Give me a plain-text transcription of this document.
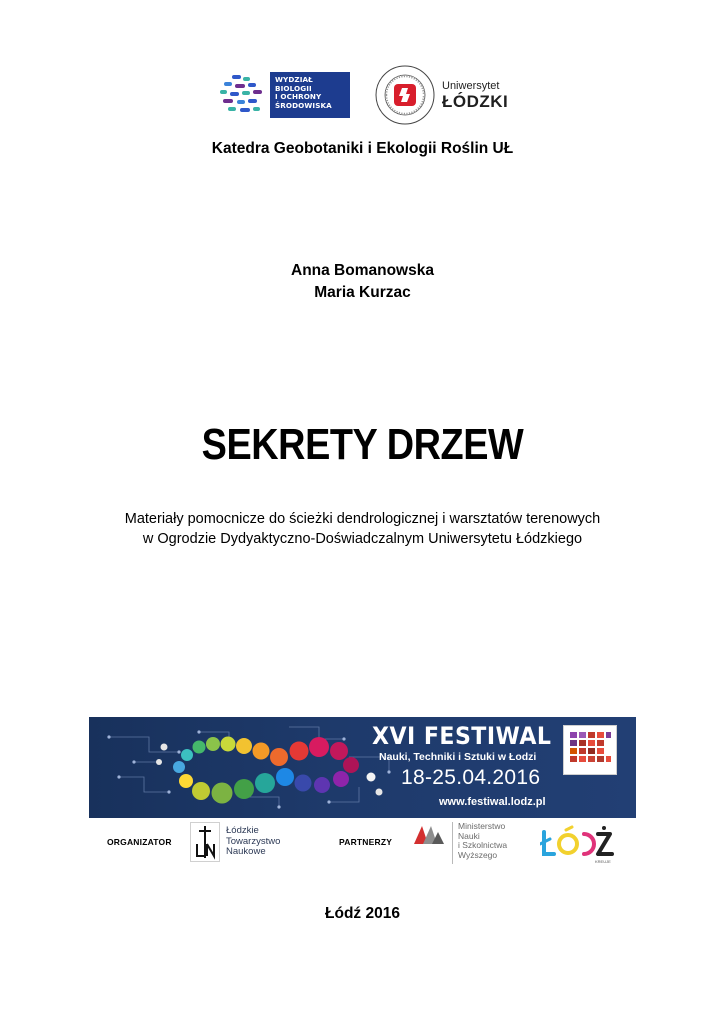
WYDZIAŁ
BIOLOGII
I OCHRONY
ŚRODOWISKA
Uniwersytet
ŁÓDZKI
Katedra Geobotaniki i Ekologii Roślin UŁ
Anna Bomanowska
Maria Kurzac
SEKRETY DRZEW
Materiały pomocnicze do ścieżki dendrologicznej i warsztatów terenowych
w Ogrodzie Dydyaktyczno-Doświadczalnym Uniwersytetu Łódzkiego
XVI FESTIWAL
Nauki, Techniki i Sztuki w Łodzi
18-25.04.2016
www.festiwal.lodz.pl
ORGANIZATOR
Łódzkie
Towarzystwo
Naukowe
PARTNERZY
Ministerstwo
Nauki
i Szkolnictwa
Wyższego
KREUJE
Łódź 2016
